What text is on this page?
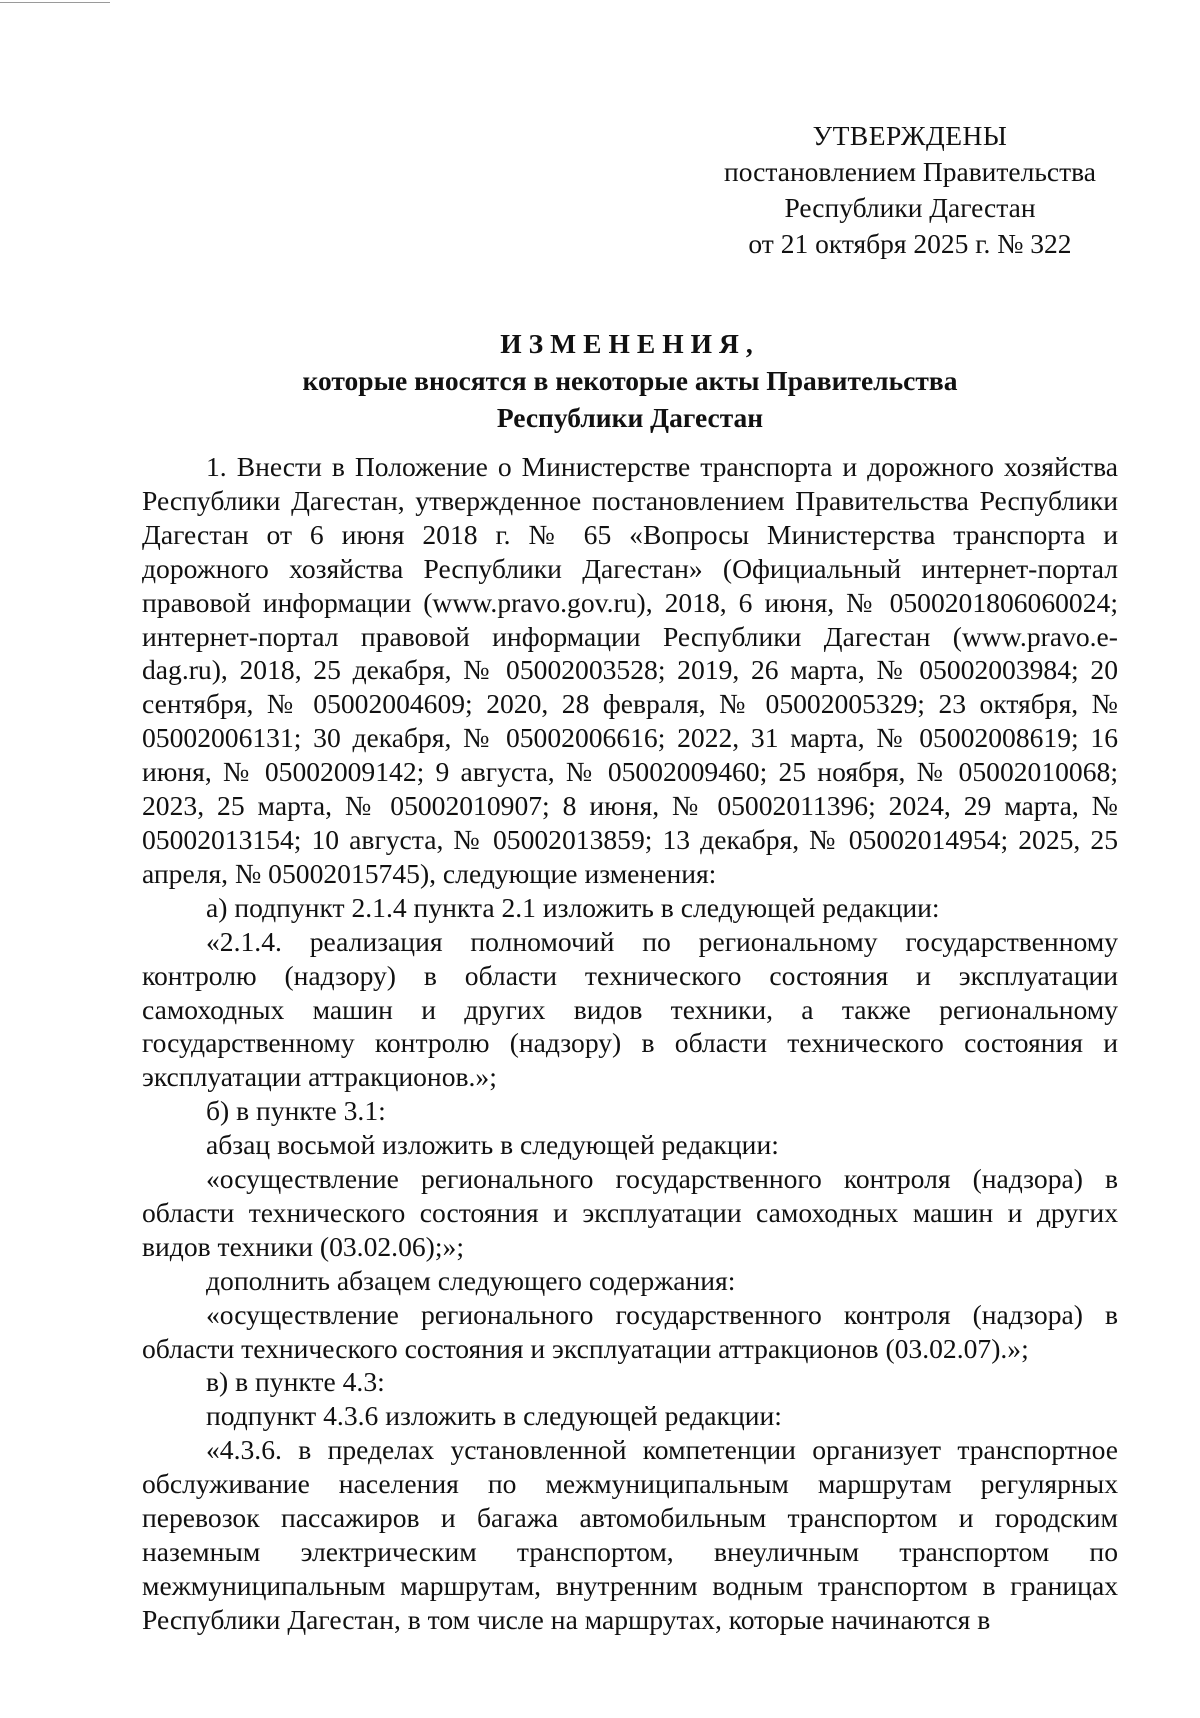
УТВЕРЖДЕНЫ
постановлением Правительства
Республики Дагестан
от 21 октября 2025 г. № 322
ИЗМЕНЕНИЯ,
которые вносятся в некоторые акты Правительства
Республики Дагестан

1. Внести в Положение о Министерстве транспорта и дорожного хозяйства Республики Дагестан, утвержденное постановлением Правительства Республики Дагестан от 6 июня 2018 г. № 65 «Вопросы Министерства транспорта и дорожного хозяйства Республики Дагестан» (Официальный интернет-портал правовой информации (www.pravo.gov.ru), 2018, 6 июня, № 0500201806060024; интернет-портал правовой информации Республики Дагестан (www.pravo.e-dag.ru), 2018, 25 декабря, № 05002003528; 2019, 26 марта, № 05002003984; 20 сентября, № 05002004609; 2020, 28 февраля, № 05002005329; 23 октября, № 05002006131; 30 декабря, № 05002006616; 2022, 31 марта, № 05002008619; 16 июня, № 05002009142; 9 августа, № 05002009460; 25 ноября, № 05002010068; 2023, 25 марта, № 05002010907; 8 июня, № 05002011396; 2024, 29 марта, № 05002013154; 10 августа, № 05002013859; 13 декабря, № 05002014954; 2025, 25 апреля, № 05002015745), следующие изменения:

а) подпункт 2.1.4 пункта 2.1 изложить в следующей редакции:

«2.1.4. реализация полномочий по региональному государственному контролю (надзору) в области технического состояния и эксплуатации самоходных машин и других видов техники, а также региональному государственному контролю (надзору) в области технического состояния и эксплуатации аттракционов.»;

б) в пункте 3.1:

абзац восьмой изложить в следующей редакции:

«осуществление регионального государственного контроля (надзора) в области технического состояния и эксплуатации самоходных машин и других видов техники (03.02.06);»;

дополнить абзацем следующего содержания:

«осуществление регионального государственного контроля (надзора) в области технического состояния и эксплуатации аттракционов (03.02.07).»;

в) в пункте 4.3:

подпункт 4.3.6 изложить в следующей редакции:

«4.3.6. в пределах установленной компетенции организует транспортное обслуживание населения по межмуниципальным маршрутам регулярных перевозок пассажиров и багажа автомобильным транспортом и городским наземным электрическим транспортом, внеуличным транспортом по межмуниципальным маршрутам, внутренним водным транспортом в границах Республики Дагестан, в том числе на маршрутах, которые начинаются в
